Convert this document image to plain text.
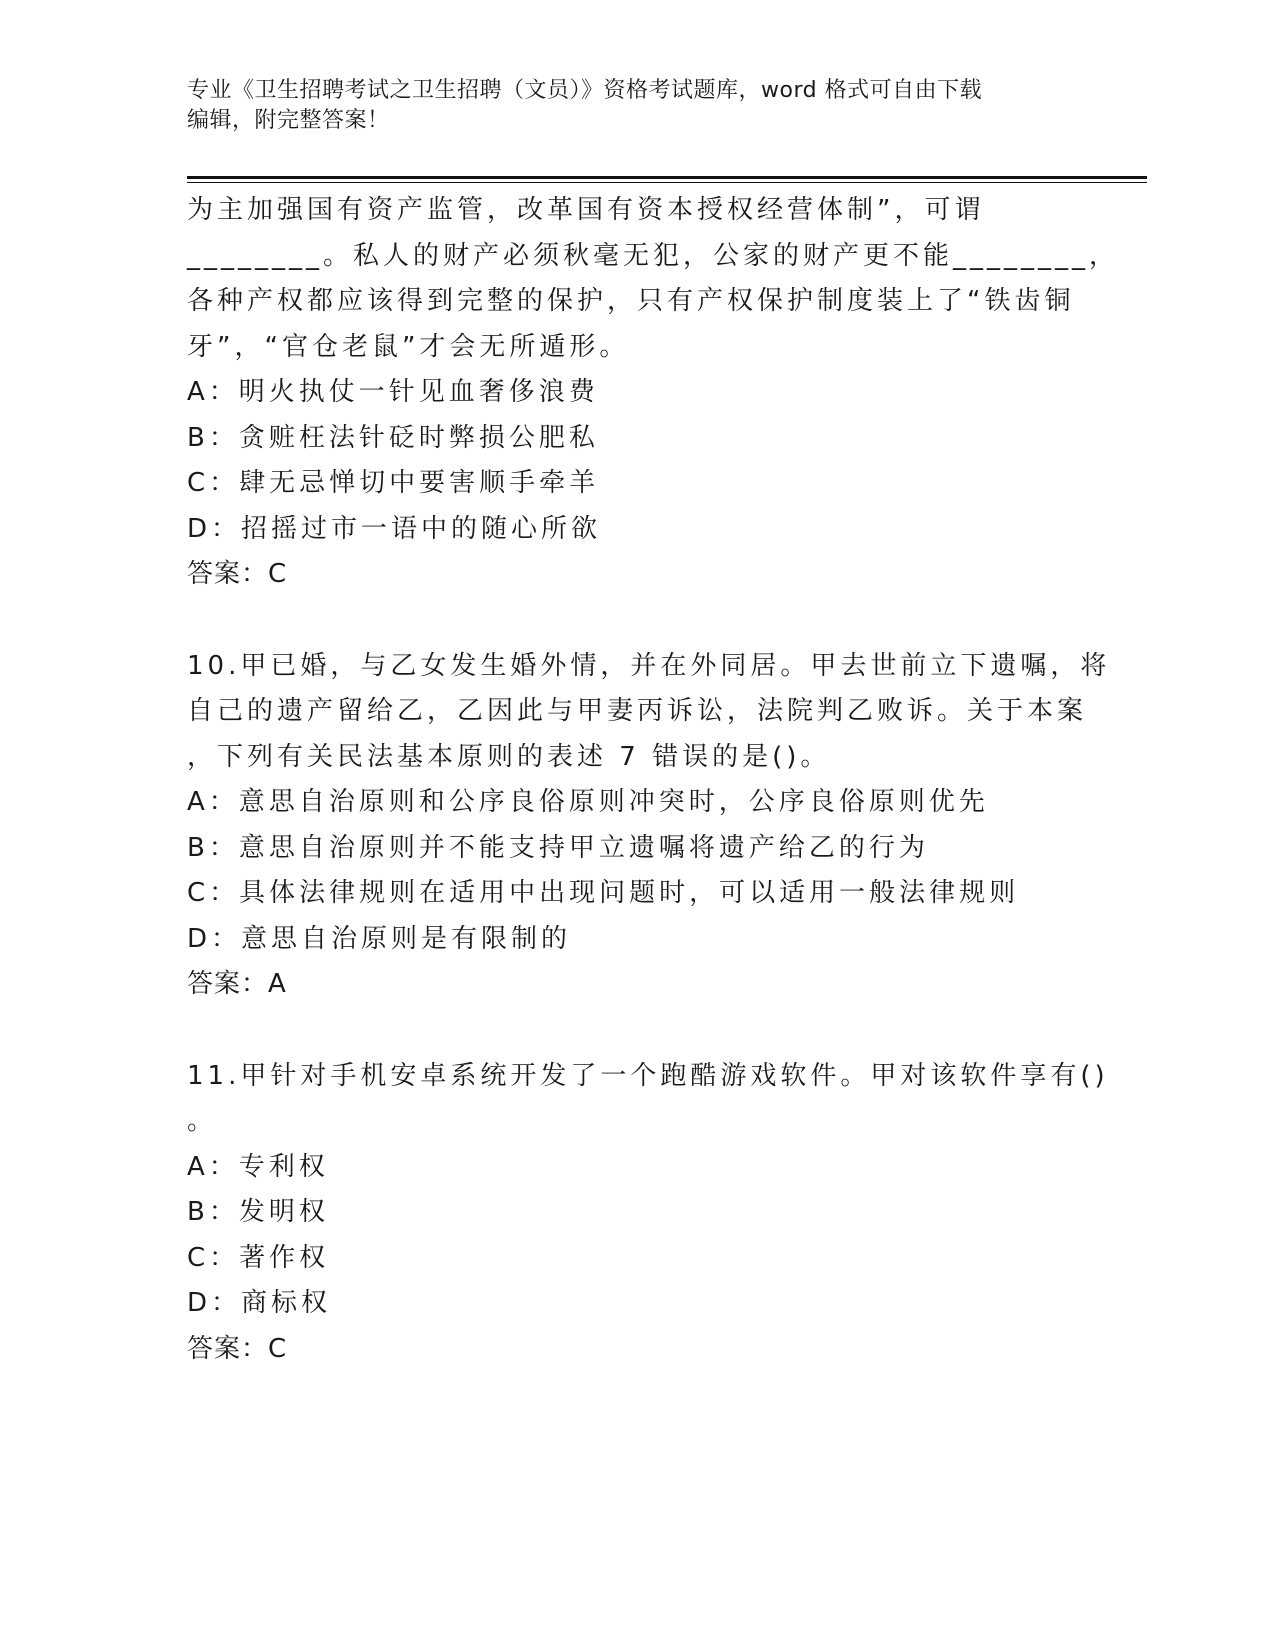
专业《卫生招聘考试之卫生招聘（文员）》资格考试题库，word 格式可自由下载
编辑，附完整答案！
为主加强国有资产监管，改革国有资本授权经营体制”，可谓
________。私人的财产必须秋毫无犯，公家的财产更不能________，
各种产权都应该得到完整的保护，只有产权保护制度装上了“铁齿铜
牙”，“官仓老鼠”才会无所遁形。
A：明火执仗一针见血奢侈浪费
B：贪赃枉法针砭时弊损公肥私
C：肆无忌惮切中要害顺手牵羊
D：招摇过市一语中的随心所欲
答案：C
10.甲已婚，与乙女发生婚外情，并在外同居。甲去世前立下遗嘱，将
自己的遗产留给乙，乙因此与甲妻丙诉讼，法院判乙败诉。关于本案
，下列有关民法基本原则的表述 7 错误的是()。
A：意思自治原则和公序良俗原则冲突时，公序良俗原则优先
B：意思自治原则并不能支持甲立遗嘱将遗产给乙的行为
C：具体法律规则在适用中出现问题时，可以适用一般法律规则
D：意思自治原则是有限制的
答案：A
11.甲针对手机安卓系统开发了一个跑酷游戏软件。甲对该软件享有()
。
A：专利权
B：发明权
C：著作权
D：商标权
答案：C
